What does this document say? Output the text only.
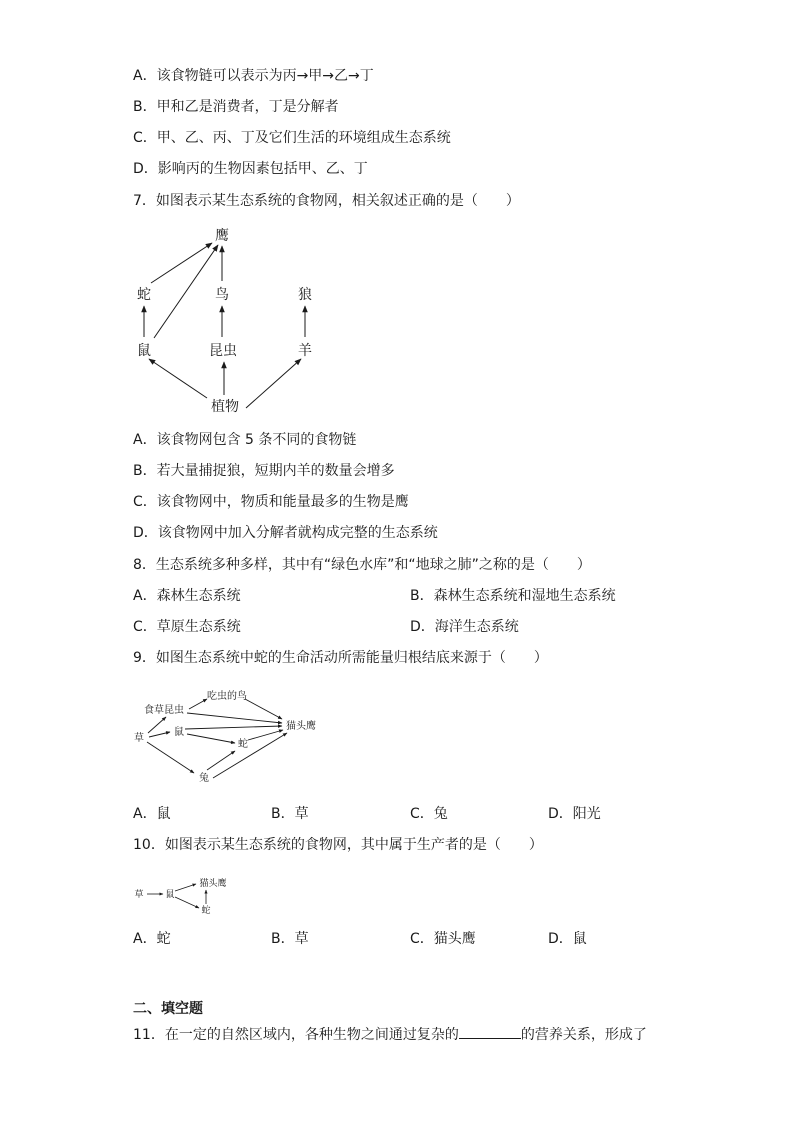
A．该食物链可以表示为丙→甲→乙→丁
B．甲和乙是消费者，丁是分解者
C．甲、乙、丙、丁及它们生活的环境组成生态系统
D．影响丙的生物因素包括甲、乙、丁
7．如图表示某生态系统的食物网，相关叙述正确的是（　　）
鹰
蛇	鸟	狼
鼠	昆虫	羊
植物
吃虫的鸟
食草昆虫
草
鼠
猫头鹰
蛇
兔
草 鼠
猫头鹰
蛇
A．该食物网包含 5 条不同的食物链
B．若大量捕捉狼，短期内羊的数量会增多
C．该食物网中，物质和能量最多的生物是鹰
D．该食物网中加入分解者就构成完整的生态系统
8．生态系统多种多样，其中有“绿色水库”和“地球之肺”之称的是（　　）
A．森林生态系统	B．森林生态系统和湿地生态系统
C．草原生态系统	D．海洋生态系统
9．如图生态系统中蛇的生命活动所需能量归根结底来源于（　　）
A．鼠	B．草	C．兔	D．阳光
10．如图表示某生态系统的食物网，其中属于生产者的是（　　）
A．蛇	B．草	C．猫头鹰	D．鼠
二、填空题
11．在一定的自然区域内，各种生物之间通过复杂的	的营养关系，形成了
